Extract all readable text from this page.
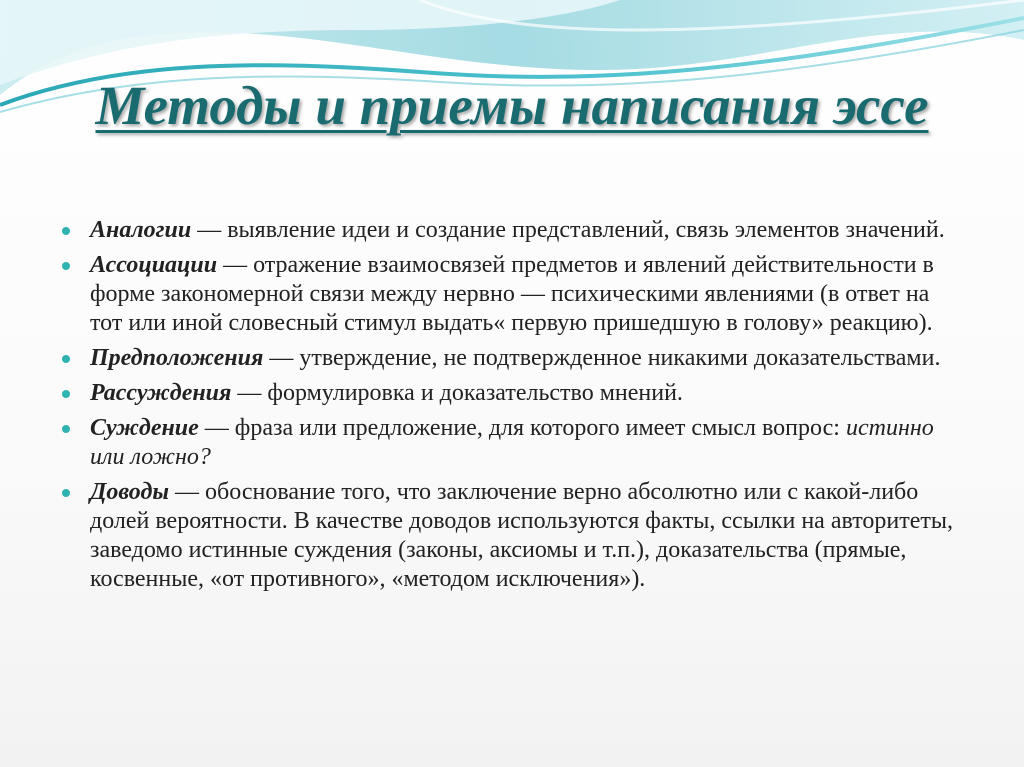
Методы и приемы написания эссе
Аналогии — выявление идеи и создание представлений, связь элементов значений.
Ассоциации — отражение взаимосвязей предметов и явлений действительности в форме закономерной связи между нервно — психическими явлениями (в ответ на тот или иной словесный стимул выдать« первую пришедшую в голову» реакцию).
Предположения — утверждение, не подтвержденное никакими доказательствами.
Рассуждения — формулировка и доказательство мнений.
Суждение — фраза или предложение, для которого имеет смысл вопрос: истинно или ложно?
Доводы — обоснование того, что заключение верно абсолютно или с какой-либо долей вероятности. В качестве доводов используются факты, ссылки на авторитеты, заведомо истинные суждения (законы, аксиомы и т.п.), доказательства (прямые, косвенные, «от противного», «методом исключения»).
